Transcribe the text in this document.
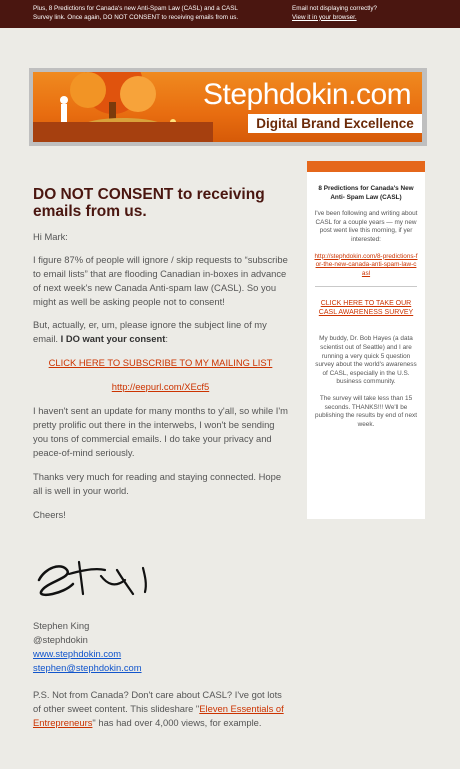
Plus, 8 Predictions for Canada's new Anti-Spam Law (CASL) and a CASL Survey link. Once again, DO NOT CONSENT to receiving emails from us.
Email not displaying correctly?
View it in your browser.
Stephdokin.com
Digital Brand Excellence
DO NOT CONSENT to receiving emails from us.

Hi Mark:

I figure 87% of people will ignore / skip requests to “subscribe to email lists” that are flooding Canadian in-boxes in advance of next week's new Canada Anti-spam law (CASL). So you might as well be asking people not to consent!

But, actually, er, um, please ignore the subject line of my email. I DO want your consent:

CLICK HERE TO SUBSCRIBE TO MY MAILING LIST

http://eepurl.com/XEcf5

I haven't sent an update for many months to y'all, so while I'm pretty prolific out there in the interwebs, I won't be sending you tons of commercial emails. I do take your privacy and peace-of-mind seriously.

Thanks very much for reading and staying connected. Hope all is well in your world.

Cheers!

Stephen King

@stephdokin

www.stephdokin.com

stephen@stephdokin.com

P.S. Not from Canada? Don't care about CASL? I've got lots of other sweet content. This slideshare "Eleven Essentials of Entrepreneurs" has had over 4,000 views, for example.

8 Predictions for Canada's New Anti- Spam Law (CASL)
I've been following and writing about CASL for a couple years — my new post went live this morning, if yer interested:
http://stephdokin.com/8-predictions-for-the-new-canada-anti-spam-law-casl
CLICK HERE TO TAKE OUR CASL AWARENESS SURVEY
My buddy, Dr. Bob Hayes (a data scientist out of Seattle) and I are running a very quick 5 question survey about the world's awareness of CASL, especially in the U.S. business community.
The survey will take less than 15 seconds. THANKS!!! We'll be publishing the results by end of next week.
